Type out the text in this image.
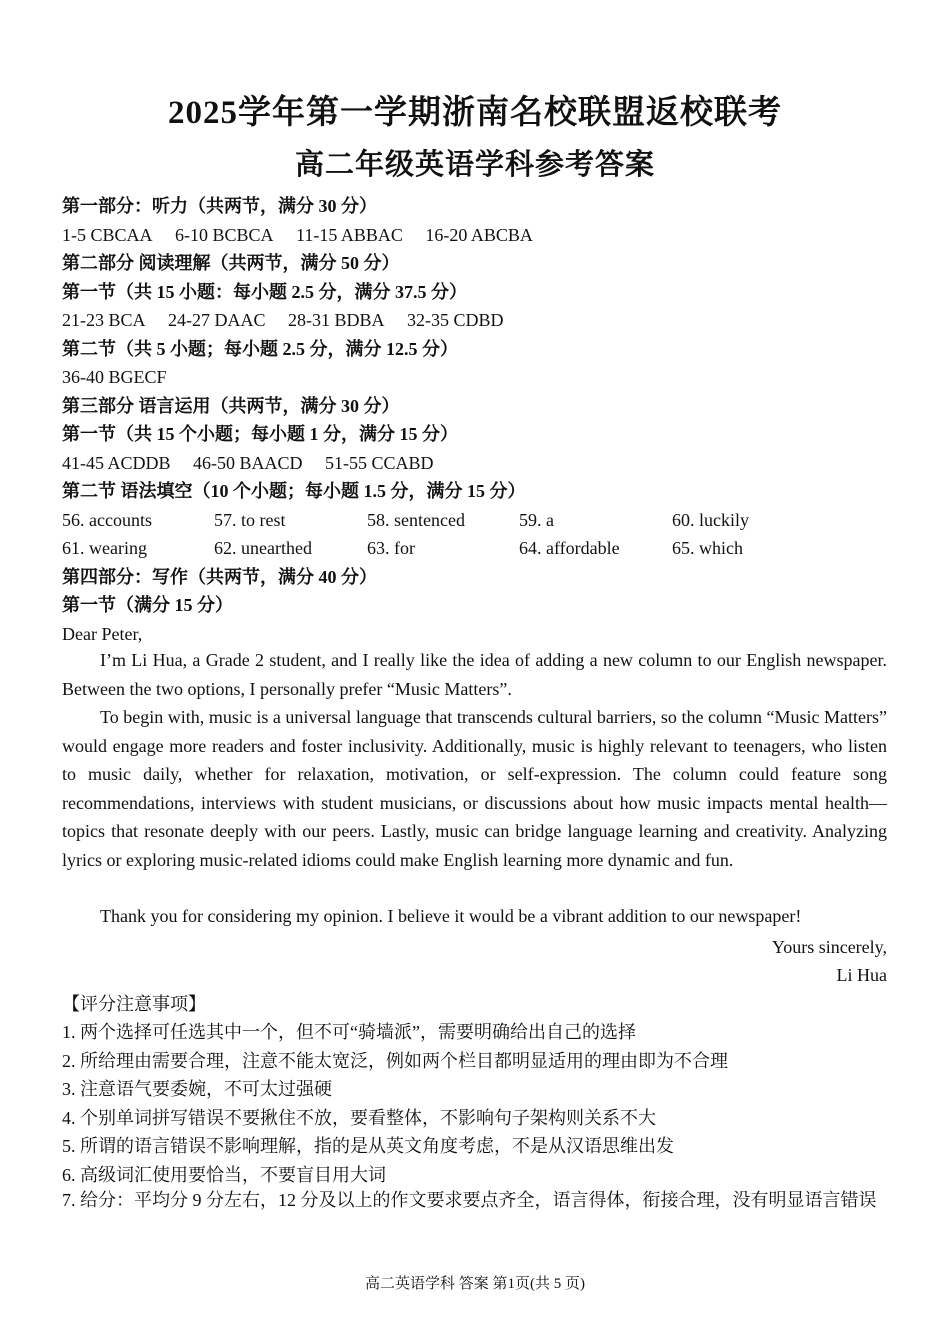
2025学年第一学期浙南名校联盟返校联考
高二年级英语学科参考答案
第一部分：听力（共两节，满分 30 分）
1-5 CBCAA 6-10 BCBCA 11-15 ABBAC 16-20 ABCBA
第二部分 阅读理解（共两节，满分 50 分）
第一节（共 15 小题：每小题 2.5 分，满分 37.5 分）
21-23 BCA 24-27 DAAC 28-31 BDBA 32-35 CDBD
第二节（共 5 小题；每小题 2.5 分，满分 12.5 分）
36-40 BGECF
第三部分 语言运用（共两节，满分 30 分）
第一节（共 15 个小题；每小题 1 分，满分 15 分）
41-45 ACDDB 46-50 BAACD 51-55 CCABD
第二节 语法填空（10 个小题；每小题 1.5 分，满分 15 分）
56. accounts	57. to rest	58. sentenced	59. a	60. luckily
61. wearing	62. unearthed	63. for	64. affordable	65. which
第四部分：写作（共两节，满分 40 分）
第一节（满分 15 分）
Dear Peter,

I’m Li Hua, a Grade 2 student, and I really like the idea of adding a new column to our English newspaper. Between the two options, I personally prefer “Music Matters”.

To begin with, music is a universal language that transcends cultural barriers, so the column “Music Matters” would engage more readers and foster inclusivity. Additionally, music is highly relevant to teenagers, who listen to music daily, whether for relaxation, motivation, or self-expression. The column could feature song recommendations, interviews with student musicians, or discussions about how music impacts mental health—topics that resonate deeply with our peers. Lastly, music can bridge language learning and creativity. Analyzing lyrics or exploring music-related idioms could make English learning more dynamic and fun.

Thank you for considering my opinion. I believe it would be a vibrant addition to our newspaper!

Yours sincerely,
Li Hua
【评分注意事项】
1. 两个选择可任选其中一个，但不可“骑墙派”，需要明确给出自己的选择
2. 所给理由需要合理，注意不能太宽泛，例如两个栏目都明显适用的理由即为不合理
3. 注意语气要委婉，不可太过强硬
4. 个别单词拼写错误不要揪住不放，要看整体，不影响句子架构则关系不大
5. 所谓的语言错误不影响理解，指的是从英文角度考虑，不是从汉语思维出发
6. 高级词汇使用要恰当，不要盲目用大词

7. 给分：平均分 9 分左右，12 分及以上的作文要求要点齐全，语言得体，衔接合理，没有明显语言错误

高二英语学科 答案 第1页(共 5 页)
